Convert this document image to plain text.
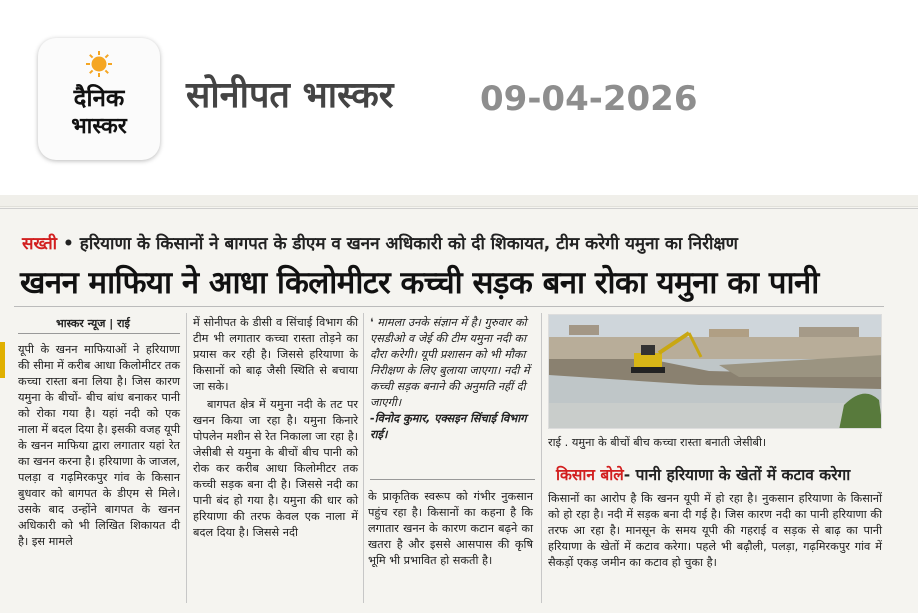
दैनिक
भास्कर
सोनीपत भास्कर	09-04-2026
सख्ती • हरियाणा के किसानों ने बागपत के डीएम व खनन अधिकारी को दी शिकायत, टीम करेगी यमुना का निरीक्षण
खनन माफिया ने आधा किलोमीटर कच्ची सड़क बना रोका यमुना का पानी
भास्कर न्यूज | राई
यूपी के खनन माफियाओं ने हरियाणा की सीमा में करीब आधा किलोमीटर तक कच्चा रास्ता बना लिया है। जिस कारण यमुना के बीचों- बीच बांध बनाकर पानी को रोका गया है। यहां नदी को एक नाला में बदल दिया है। इसकी वजह यूपी के खनन माफिया द्वारा लगातार यहां रेत का खनन करना है। हरियाणा के जाजल, पलड़ा व गढ़मिरकपुर गांव के किसान बुधवार को बागपत के डीएम से मिले। उसके बाद उन्होंने बागपत के खनन अधिकारी को भी लिखित शिकायत दी है। इस मामले

में सोनीपत के डीसी व सिंचाई विभाग की टीम भी लगातार कच्चा रास्ता तोड़ने का प्रयास कर रही है। जिससे हरियाणा के किसानों को बाढ़ जैसी स्थिति से बचाया जा सके।

बागपत क्षेत्र में यमुना नदी के तट पर खनन किया जा रहा है। यमुना किनारे पोपलेन मशीन से रेत निकाला जा रहा है। जेसीबी से यमुना के बीचों बीच पानी को रोक कर करीब आधा किलोमीटर तक कच्ची सड़क बना दी है। जिससे नदी का पानी बंद हो गया है। यमुना की धार को हरियाणा की तरफ केवल एक नाला में बदल दिया है। जिससे नदी

❛ मामला उनके संज्ञान में है। गुरुवार को एसडीओ व जेई की टीम यमुना नदी का दौरा करेगी। यूपी प्रशासन को भी मौका निरीक्षण के लिए बुलाया जाएगा। नदी में कच्ची सड़क बनाने की अनुमति नहीं दी जाएगी।
-विनोद कुमार, एक्सइन सिंचाई विभाग राई।
के प्राकृतिक स्वरूप को गंभीर नुकसान पहुंच रहा है। किसानों का कहना है कि लगातार खनन के कारण कटान बढ़ने का खतरा है और इससे आसपास की कृषि भूमि भी प्रभावित हो सकती है।
राई . यमुना के बीचों बीच कच्चा रास्ता बनाती जेसीबी।
किसान बोले- पानी हरियाणा के खेतों में कटाव करेगा
किसानों का आरोप है कि खनन यूपी में हो रहा है। नुकसान हरियाणा के किसानों को हो रहा है। नदी में सड़क बना दी गई है। जिस कारण नदी का पानी हरियाणा की तरफ आ रहा है। मानसून के समय यूपी की गहराई व सड़क से बाढ़ का पानी हरियाणा के खेतों में कटाव करेगा। पहले भी बढ़ौली, पलड़ा, गढ़मिरकपुर गांव में सैकड़ों एकड़ जमीन का कटाव हो चुका है।
